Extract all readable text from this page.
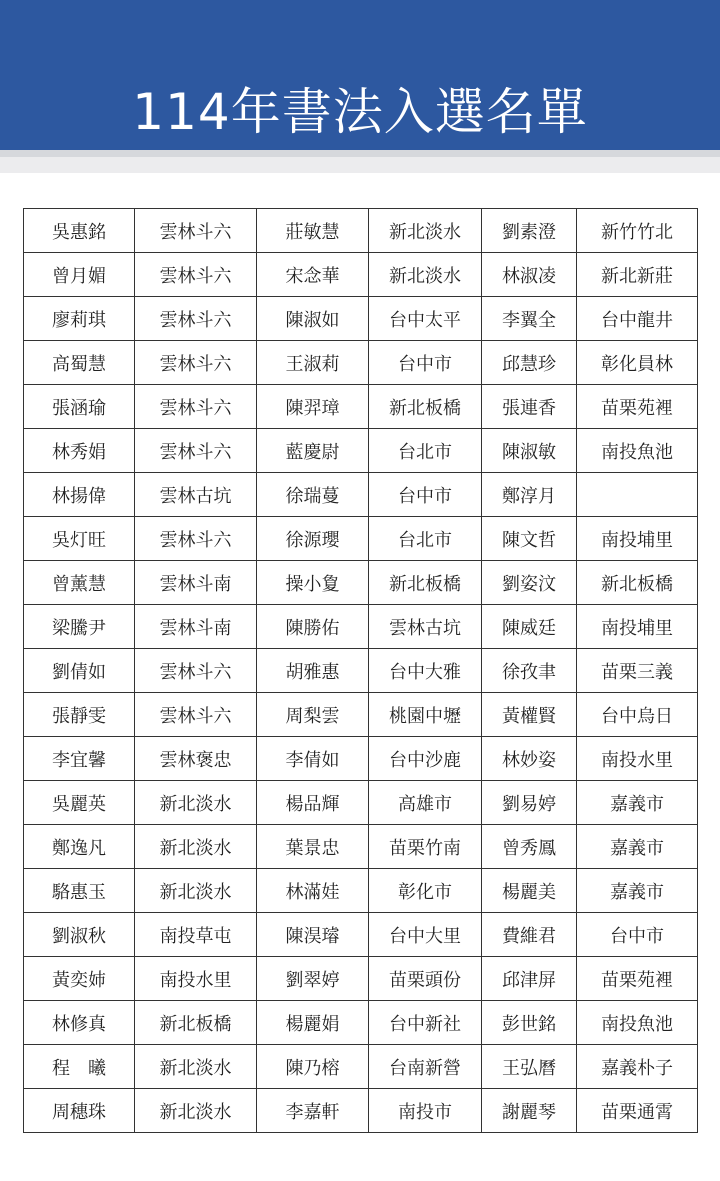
114年書法入選名單
吳惠銘	雲林斗六	莊敏慧	新北淡水	劉素澄	新竹竹北
曾月媚	雲林斗六	宋念華	新北淡水	林淑凌	新北新莊
廖莉琪	雲林斗六	陳淑如	台中太平	李翼全	台中龍井
高蜀慧	雲林斗六	王淑莉	台中市	邱慧珍	彰化員林
張涵瑜	雲林斗六	陳羿璋	新北板橋	張連香	苗栗苑裡
林秀娟	雲林斗六	藍慶尉	台北市	陳淑敏	南投魚池
林揚偉	雲林古坑	徐瑞蔓	台中市	鄭淳月	
吳灯旺	雲林斗六	徐源瓔	台北市	陳文哲	南投埔里
曾薰慧	雲林斗南	操小夐	新北板橋	劉姿汶	新北板橋
梁騰尹	雲林斗南	陳勝佑	雲林古坑	陳威廷	南投埔里
劉倩如	雲林斗六	胡雅惠	台中大雅	徐孜聿	苗栗三義
張靜雯	雲林斗六	周梨雲	桃園中壢	黃權賢	台中烏日
李宜馨	雲林褒忠	李倩如	台中沙鹿	林妙姿	南投水里
吳麗英	新北淡水	楊品輝	高雄市	劉易婷	嘉義市
鄭逸凡	新北淡水	葉景忠	苗栗竹南	曾秀鳳	嘉義市
駱惠玉	新北淡水	林滿娃	彰化市	楊麗美	嘉義市
劉淑秋	南投草屯	陳淏璿	台中大里	費維君	台中市
黃奕姉	南投水里	劉翠婷	苗栗頭份	邱津屏	苗栗苑裡
林修真	新北板橋	楊麗娟	台中新社	彭世銘	南投魚池
程　曦	新北淡水	陳乃榕	台南新營	王弘曆	嘉義朴子
周穗珠	新北淡水	李嘉軒	南投市	謝麗琴	苗栗通霄
